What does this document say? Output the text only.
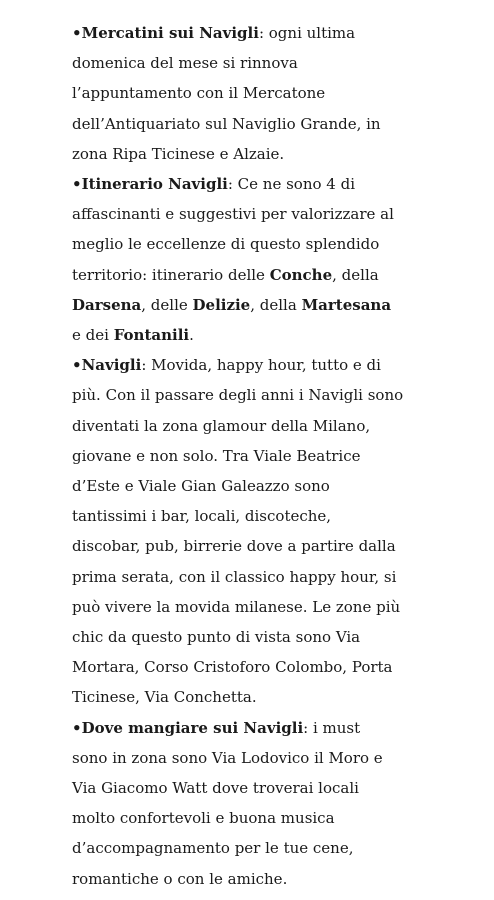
•Mercatini sui Navigli: ogni ultima
domenica del mese si rinnova
l’appuntamento con il Mercatone
dell’Antiquariato sul Naviglio Grande, in
zona Ripa Ticinese e Alzaie.
•Itinerario Navigli: Ce ne sono 4 di
affascinanti e suggestivi per valorizzare al
meglio le eccellenze di questo splendido
territorio: itinerario delle Conche, della
Darsena, delle Delizie, della Martesana
e dei Fontanili.
•Navigli: Movida, happy hour, tutto e di
più. Con il passare degli anni i Navigli sono
diventati la zona glamour della Milano,
giovane e non solo. Tra Viale Beatrice
d’Este e Viale Gian Galeazzo sono
tantissimi i bar, locali, discoteche,
discobar, pub, birrerie dove a partire dalla
prima serata, con il classico happy hour, si
può vivere la movida milanese. Le zone più
chic da questo punto di vista sono Via
Mortara, Corso Cristoforo Colombo, Porta
Ticinese, Via Conchetta.
•Dove mangiare sui Navigli: i must
sono in zona sono Via Lodovico il Moro e
Via Giacomo Watt dove troverai locali
molto confortevoli e buona musica
d’accompagnamento per le tue cene,
romantiche o con le amiche.
